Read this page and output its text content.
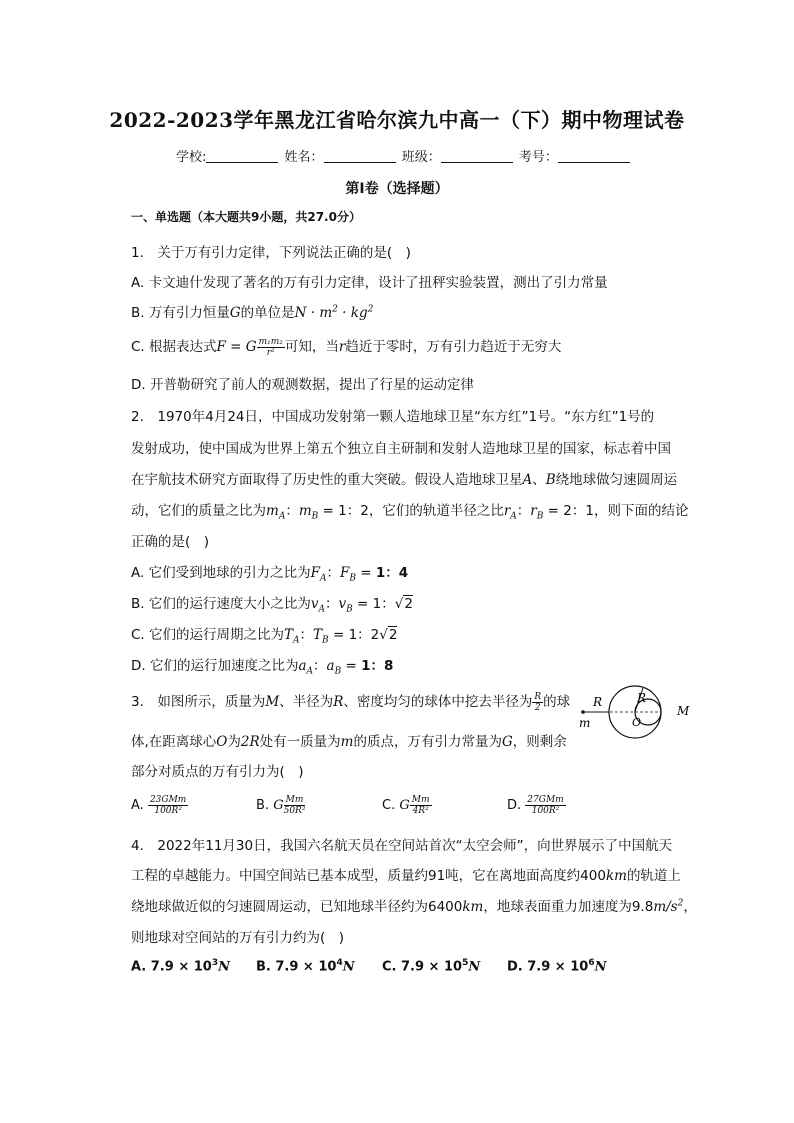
2022-2023学年黑龙江省哈尔滨九中高一（下）期中物理试卷
学校:	姓名：	班级：	考号：
第I卷（选择题）
一、单选题（本大题共9小题，共27.0分）
1.　关于万有引力定律，下列说法正确的是(　)
A. 卡文迪什发现了著名的万有引力定律，设计了扭秤实验装置，测出了引力常量
B. 万有引力恒量G的单位是$N \cdot m^2 \cdot kg^2$
C. 根据表达式F = G $\frac{\text{m₁m₂}}{\text{r²}}$ 可知，当r趋近于零时，万有引力趋近于无穷大
D. 开普勒研究了前人的观测数据，提出了行星的运动定律
2.　1970年4月24日，中国成功发射第一颗人造地球卫星“东方红”1号。“东方红”1号的
发射成功，使中国成为世界上第五个独立自主研制和发射人造地球卫星的国家，标志着中国
在宇航技术研究方面取得了历史性的重大突破。假设人造地球卫星A、B绕地球做匀速圆周运
动，它们的质量之比为$m_A$：$m_B = 1$：2，它们的轨道半径之比$r_A$：$r_B = 2$：1，则下面的结论
正确的是(　)
A. 它们受到地球的引力之比为$F_A$：$F_B = 1$：4
B. 它们的运行速度大小之比为$v_A$：$v_B = 1$：√2
C. 它们的运行周期之比为$T_A$：$T_B = 1$：2√2
D. 它们的运行加速度之比为$a_A$：$a_B = 1$：8
3.　如图所示，质量为M、半径为R、密度均匀的球体中挖去半径为 $\frac{R}{2}$ 的球
体,在距离球心O为2R处有一质量为m的质点，万有引力常量为G，则剩余
部分对质点的万有引力为(　)
R	R
M
m	O
A. $\frac{\text{23GMm}}{\text{100R²}}$	B. G $\frac{Mm}{\text{50R²}}$	C. G $\frac{Mm}{\text{4R²}}$	D. $\frac{\text{27GMm}}{\text{100R²}}$
4.　2022年11月30日，我国六名航天员在空间站首次“太空会师”，向世界展示了中国航天
工程的卓越能力。中国空间站已基本成型，质量约91吨，它在离地面高度约400km的轨道上
绕地球做近似的匀速圆周运动，已知地球半径约为6400km，地球表面重力加速度为$9.8m/s^2$，
则地球对空间站的万有引力约为(　)
A. $7.9 \times 10^3N$ B. $7.9 \times 10^4N$ C. $7.9 \times 10^5N$ D. $7.9 \times 10^6N$
